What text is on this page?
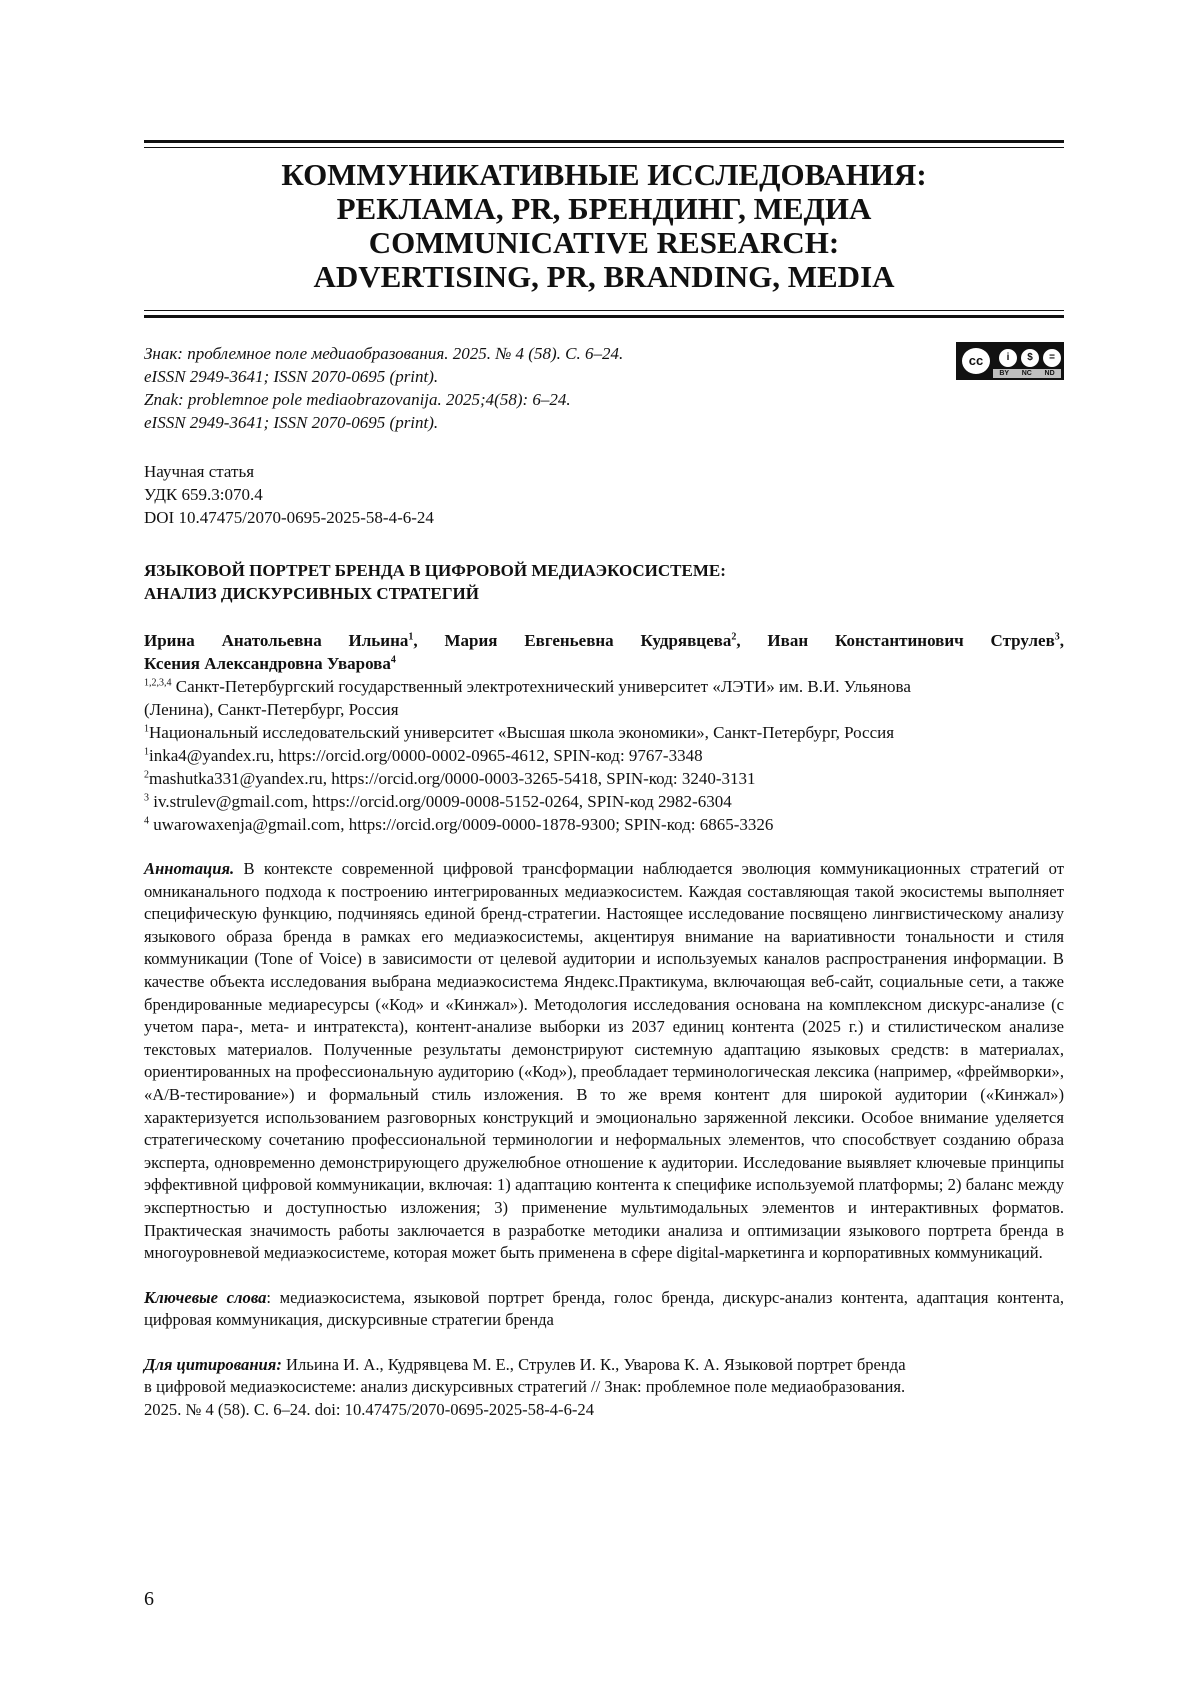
КОММУНИКАТИВНЫЕ ИССЛЕДОВАНИЯ:
РЕКЛАМА, PR, БРЕНДИНГ, МЕДИА
COMMUNICATIVE RESEARCH:
ADVERTISING, PR, BRANDING, MEDIA
Знак: проблемное поле медиаобразования. 2025. № 4 (58). С. 6–24.
eISSN 2949-3641; ISSN 2070-0695 (print).
Znak: problemnoe pole mediaobrazovanija. 2025;4(58): 6–24.
eISSN 2949-3641; ISSN 2070-0695 (print).
cc	i	$	=
BY NC ND
Научная статья
УДК 659.3:070.4
DOI 10.47475/2070-0695-2025-58-4-6-24
ЯЗЫКОВОЙ ПОРТРЕТ БРЕНДА В ЦИФРОВОЙ МЕДИАЭКОСИСТЕМЕ:
АНАЛИЗ ДИСКУРСИВНЫХ СТРАТЕГИЙ
Ирина Анатольевна Ильина$^1$, Мария Евгеньевна Кудрявцева$^2$, Иван Константинович Струлев$^3$,
Ксения Александровна Уварова$^4$
$^{1,2,3,4}$ Санкт-Петербургский государственный электротехнический университет «ЛЭТИ» им. В.И. Ульянова
(Ленина), Санкт-Петербург, Россия
$^1$Национальный исследовательский университет «Высшая школа экономики», Санкт-Петербург, Россия
$^1$inka4@yandex.ru, https://orcid.org/0000-0002-0965-4612, SPIN-код: 9767-3348
$^2$mashutka331@yandex.ru, https://orcid.org/0000-0003-3265-5418, SPIN-код: 3240-3131
$^3$ iv.strulev@gmail.com, https://orcid.org/0009-0008-5152-0264, SPIN-код 2982-6304
$^4$ uwarowaxenja@gmail.com, https://orcid.org/0009-0000-1878-9300; SPIN-код: 6865-3326
Аннотация. В контексте современной цифровой трансформации наблюдается эволюция коммуникационных стратегий от омниканального подхода к построению интегрированных медиаэкосистем. Каждая составляющая такой экосистемы выполняет специфическую функцию, подчиняясь единой бренд-стратегии. Настоящее исследование посвящено лингвистическому анализу языкового образа бренда в рамках его медиаэкосистемы, акцентируя внимание на вариативности тональности и стиля коммуникации (Tone of Voice) в зависимости от целевой аудитории и используемых каналов распространения информации. В качестве объекта исследования выбрана медиаэкосистема Яндекс.Практикума, включающая веб-сайт, социальные сети, а также брендированные медиаресурсы («Код» и «Кинжал»). Методология исследования основана на комплексном дискурс-анализе (с учетом пара-, мета- и интратекста), контент-анализе выборки из 2037 единиц контента (2025 г.) и стилистическом анализе текстовых материалов. Полученные результаты демонстрируют системную адаптацию языковых средств: в материалах, ориентированных на профессиональную аудиторию («Код»), преобладает терминологическая лексика (например, «фреймворки», «A/B-тестирование») и формальный стиль изложения. В то же время контент для широкой аудитории («Кинжал») характеризуется использованием разговорных конструкций и эмоционально заряженной лексики. Особое внимание уделяется стратегическому сочетанию профессиональной терминологии и неформальных элементов, что способствует созданию образа эксперта, одновременно демонстрирующего дружелюбное отношение к аудитории. Исследование выявляет ключевые принципы эффективной цифровой коммуникации, включая: 1) адаптацию контента к специфике используемой платформы; 2) баланс между экспертностью и доступностью изложения; 3) применение мультимодальных элементов и интерактивных форматов. Практическая значимость работы заключается в разработке методики анализа и оптимизации языкового портрета бренда в многоуровневой медиаэкосистеме, которая может быть применена в сфере digital-маркетинга и корпоративных коммуникаций.
Ключевые слова: медиаэкосистема, языковой портрет бренда, голос бренда, дискурс-анализ контента, адаптация контента, цифровая коммуникация, дискурсивные стратегии бренда
Для цитирования: Ильина И. А., Кудрявцева М. Е., Струлев И. К., Уварова К. А. Языковой портрет бренда
в цифровой медиаэкосистеме: анализ дискурсивных стратегий // Знак: проблемное поле медиаобразования.
2025. № 4 (58). С. 6–24. doi: 10.47475/2070-0695-2025-58-4-6-24
6
